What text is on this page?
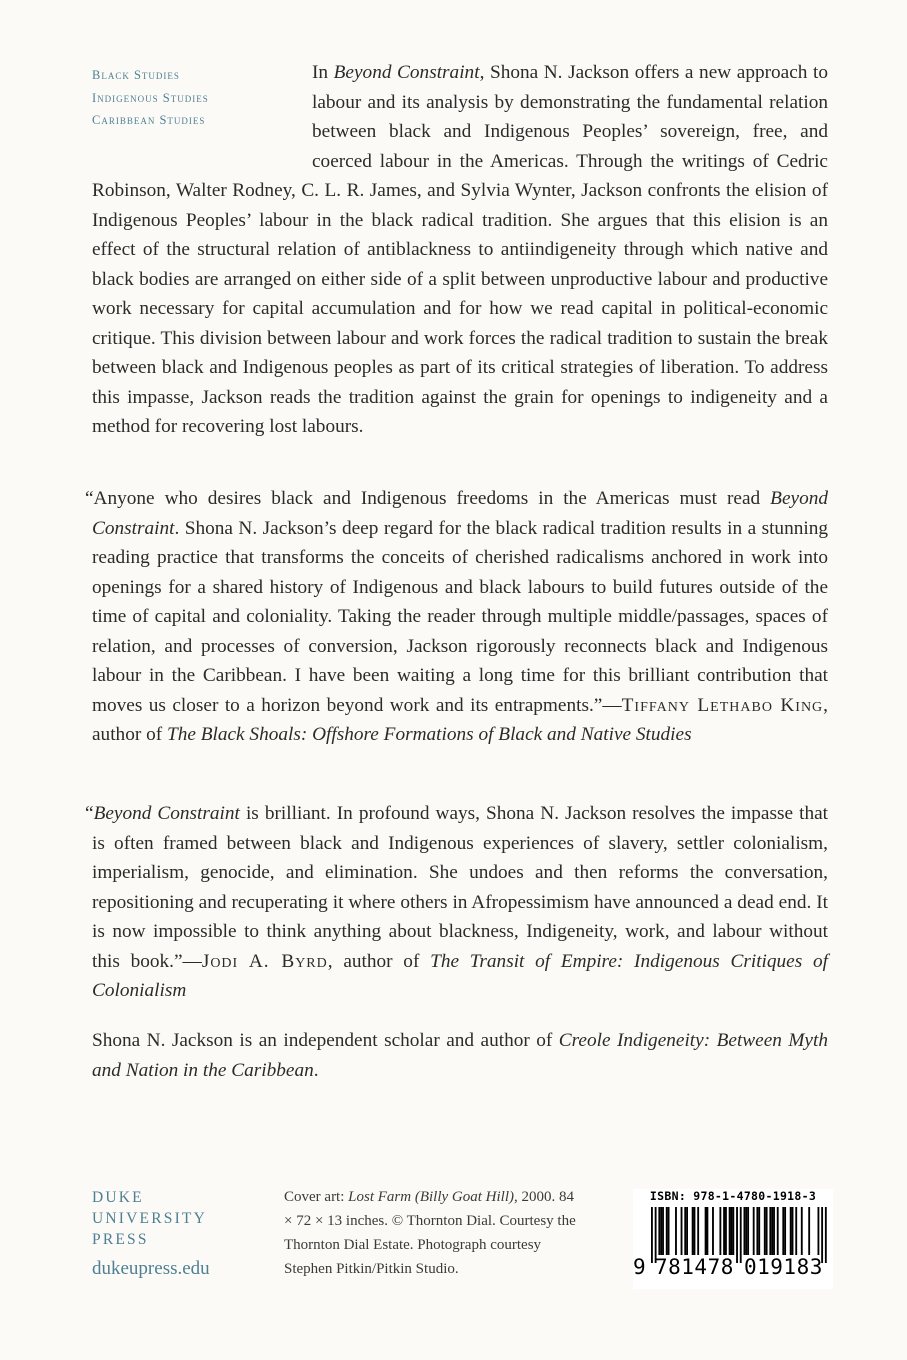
Black Studies
Indigenous Studies
Caribbean Studies

In Beyond Constraint, Shona N. Jackson offers a new approach to labour and its analysis by demonstrating the fundamental relation between black and Indigenous Peoples’ sovereign, free, and coerced labour in the Americas. Through the writings of Cedric Robinson, Walter Rodney, C. L. R. James, and Sylvia Wynter, Jackson confronts the elision of Indigenous Peoples’ labour in the black radical tradition. She argues that this elision is an effect of the structural relation of antiblackness to antiindigeneity through which native and black bodies are arranged on either side of a split between unproductive labour and productive work necessary for capital accumulation and for how we read capital in political-economic critique. This division between labour and work forces the radical tradition to sustain the break between black and Indigenous peoples as part of its critical strategies of liberation. To address this impasse, Jackson reads the tradition against the grain for openings to indigeneity and a method for recovering lost labours.

“Anyone who desires black and Indigenous freedoms in the Americas must read Beyond Constraint. Shona N. Jackson’s deep regard for the black radical tradition results in a stunning reading practice that transforms the conceits of cherished radicalisms anchored in work into openings for a shared history of Indigenous and black labours to build futures outside of the time of capital and coloniality. Taking the reader through multiple middle/passages, spaces of relation, and processes of conversion, Jackson rigorously reconnects black and Indigenous labour in the Caribbean. I have been waiting a long time for this brilliant contribution that moves us closer to a horizon beyond work and its entrapments.”—Tiffany Lethabo King, author of The Black Shoals: Offshore Formations of Black and Native Studies

“Beyond Constraint is brilliant. In profound ways, Shona N. Jackson resolves the impasse that is often framed between black and Indigenous experiences of slavery, settler colonialism, imperialism, genocide, and elimination. She undoes and then reforms the conversation, repositioning and recuperating it where others in Afropessimism have announced a dead end. It is now impossible to think anything about blackness, Indigeneity, work, and labour without this book.”—Jodi A. Byrd, author of The Transit of Empire: Indigenous Critiques of Colonialism

Shona N. Jackson is an independent scholar and author of Creole Indigeneity: Between Myth and Nation in the Caribbean.

DUKE
UNIVERSITY
PRESS
dukeupress.edu
Cover art: Lost Farm (Billy Goat Hill), 2000. 84 × 72 × 13 inches. © Thornton Dial. Courtesy the Thornton Dial Estate. Photograph courtesy Stephen Pitkin/Pitkin Studio.
ISBN: 978-1-4780-1918-3
9 781478 019183
